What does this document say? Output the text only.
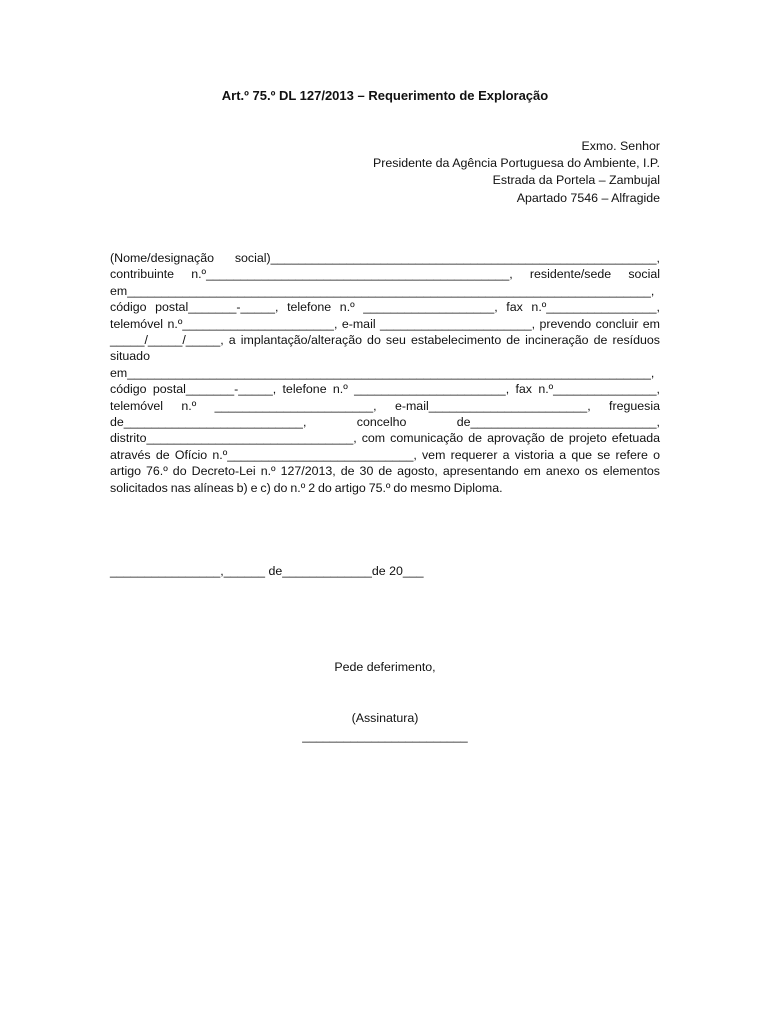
Art.º 75.º DL 127/2013 – Requerimento de Exploração
Exmo. Senhor
Presidente da Agência Portuguesa do Ambiente, I.P.
Estrada da Portela – Zambujal
Apartado 7546 – Alfragide

(Nome/designação social)________________________________________________________, contribuinte n.º____________________________________________, residente/sede social em____________________________________________________________________________, código postal_______-_____, telefone n.º ___________________, fax n.º________________, telemóvel n.º______________________, e-mail ______________________, prevendo concluir em _____/_____/_____, a implantação/alteração do seu estabelecimento de incineração de resíduos situado em____________________________________________________________________________, código postal_______-_____, telefone n.º ______________________, fax n.º_______________, telemóvel n.º _______________________, e-mail_______________________, freguesia de__________________________, concelho de___________________________, distrito______________________________, com comunicação de aprovação de projeto efetuada através de Ofício n.º___________________________, vem requerer a vistoria a que se refere o artigo 76.º do Decreto-Lei n.º 127/2013, de 30 de agosto, apresentando em anexo os elementos solicitados nas alíneas b) e c) do n.º 2 do artigo 75.º do mesmo Diploma.

________________,______ de_____________de 20___
Pede deferimento,
(Assinatura)
________________________
